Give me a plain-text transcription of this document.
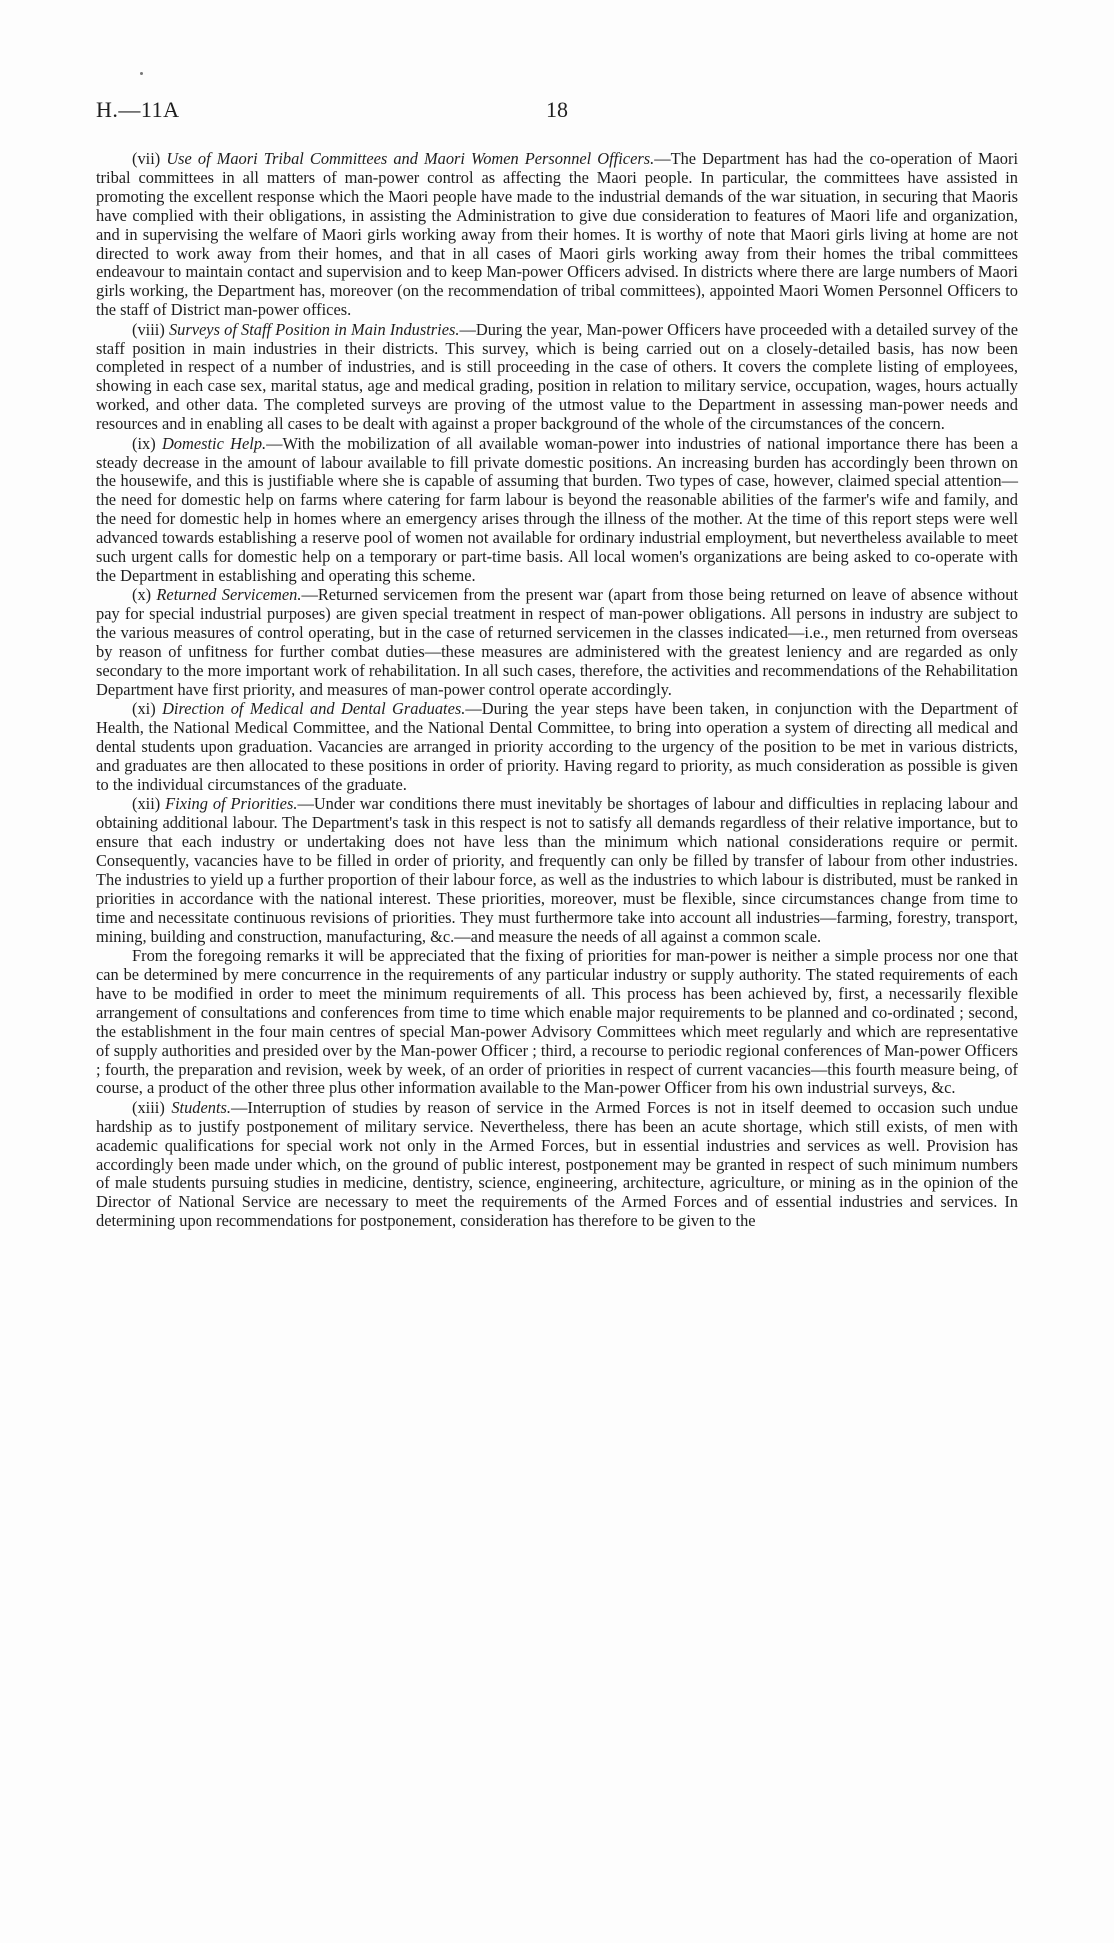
H.—11A	18

(vii) Use of Maori Tribal Committees and Maori Women Personnel Officers.—The Department has had the co-operation of Maori tribal committees in all matters of man-power control as affecting the Maori people. In particular, the committees have assisted in promoting the excellent response which the Maori people have made to the industrial demands of the war situation, in securing that Maoris have complied with their obligations, in assisting the Administration to give due consideration to features of Maori life and organization, and in supervising the welfare of Maori girls working away from their homes. It is worthy of note that Maori girls living at home are not directed to work away from their homes, and that in all cases of Maori girls working away from their homes the tribal committees endeavour to maintain contact and supervision and to keep Man-power Officers advised. In districts where there are large numbers of Maori girls working, the Department has, moreover (on the recommendation of tribal committees), appointed Maori Women Personnel Officers to the staff of District man-power offices.

(viii) Surveys of Staff Position in Main Industries.—During the year, Man-power Officers have proceeded with a detailed survey of the staff position in main industries in their districts. This survey, which is being carried out on a closely-detailed basis, has now been completed in respect of a number of industries, and is still proceeding in the case of others. It covers the complete listing of employees, showing in each case sex, marital status, age and medical grading, position in relation to military service, occupation, wages, hours actually worked, and other data. The completed surveys are proving of the utmost value to the Department in assessing man-power needs and resources and in enabling all cases to be dealt with against a proper background of the whole of the circumstances of the concern.

(ix) Domestic Help.—With the mobilization of all available woman-power into industries of national importance there has been a steady decrease in the amount of labour available to fill private domestic positions. An increasing burden has accordingly been thrown on the housewife, and this is justifiable where she is capable of assuming that burden. Two types of case, however, claimed special attention—the need for domestic help on farms where catering for farm labour is beyond the reasonable abilities of the farmer's wife and family, and the need for domestic help in homes where an emergency arises through the illness of the mother. At the time of this report steps were well advanced towards establishing a reserve pool of women not available for ordinary industrial employment, but nevertheless available to meet such urgent calls for domestic help on a temporary or part-time basis. All local women's organizations are being asked to co-operate with the Department in establishing and operating this scheme.

(x) Returned Servicemen.—Returned servicemen from the present war (apart from those being returned on leave of absence without pay for special industrial purposes) are given special treatment in respect of man-power obligations. All persons in industry are subject to the various measures of control operating, but in the case of returned servicemen in the classes indicated—i.e., men returned from overseas by reason of unfitness for further combat duties—these measures are administered with the greatest leniency and are regarded as only secondary to the more important work of rehabilitation. In all such cases, therefore, the activities and recommendations of the Rehabilitation Department have first priority, and measures of man-power control operate accordingly.

(xi) Direction of Medical and Dental Graduates.—During the year steps have been taken, in conjunction with the Department of Health, the National Medical Committee, and the National Dental Committee, to bring into operation a system of directing all medical and dental students upon graduation. Vacancies are arranged in priority according to the urgency of the position to be met in various districts, and graduates are then allocated to these positions in order of priority. Having regard to priority, as much consideration as possible is given to the individual circumstances of the graduate.

(xii) Fixing of Priorities.—Under war conditions there must inevitably be shortages of labour and difficulties in replacing labour and obtaining additional labour. The Department's task in this respect is not to satisfy all demands regardless of their relative importance, but to ensure that each industry or undertaking does not have less than the minimum which national considerations require or permit. Consequently, vacancies have to be filled in order of priority, and frequently can only be filled by transfer of labour from other industries. The industries to yield up a further proportion of their labour force, as well as the industries to which labour is distributed, must be ranked in priorities in accordance with the national interest. These priorities, moreover, must be flexible, since circumstances change from time to time and necessitate continuous revisions of priorities. They must furthermore take into account all industries—farming, forestry, transport, mining, building and construction, manufacturing, &c.—and measure the needs of all against a common scale.

From the foregoing remarks it will be appreciated that the fixing of priorities for man-power is neither a simple process nor one that can be determined by mere concurrence in the requirements of any particular industry or supply authority. The stated requirements of each have to be modified in order to meet the minimum requirements of all. This process has been achieved by, first, a necessarily flexible arrangement of consultations and conferences from time to time which enable major requirements to be planned and co-ordinated ; second, the establishment in the four main centres of special Man-power Advisory Committees which meet regularly and which are representative of supply authorities and presided over by the Man-power Officer ; third, a recourse to periodic regional conferences of Man-power Officers ; fourth, the preparation and revision, week by week, of an order of priorities in respect of current vacancies—this fourth measure being, of course, a product of the other three plus other information available to the Man-power Officer from his own industrial surveys, &c.

(xiii) Students.—Interruption of studies by reason of service in the Armed Forces is not in itself deemed to occasion such undue hardship as to justify postponement of military service. Nevertheless, there has been an acute shortage, which still exists, of men with academic qualifications for special work not only in the Armed Forces, but in essential industries and services as well. Provision has accordingly been made under which, on the ground of public interest, postponement may be granted in respect of such minimum numbers of male students pursuing studies in medicine, dentistry, science, engineering, architecture, agriculture, or mining as in the opinion of the Director of National Service are necessary to meet the requirements of the Armed Forces and of essential industries and services. In determining upon recommendations for postponement, consideration has therefore to be given to the
